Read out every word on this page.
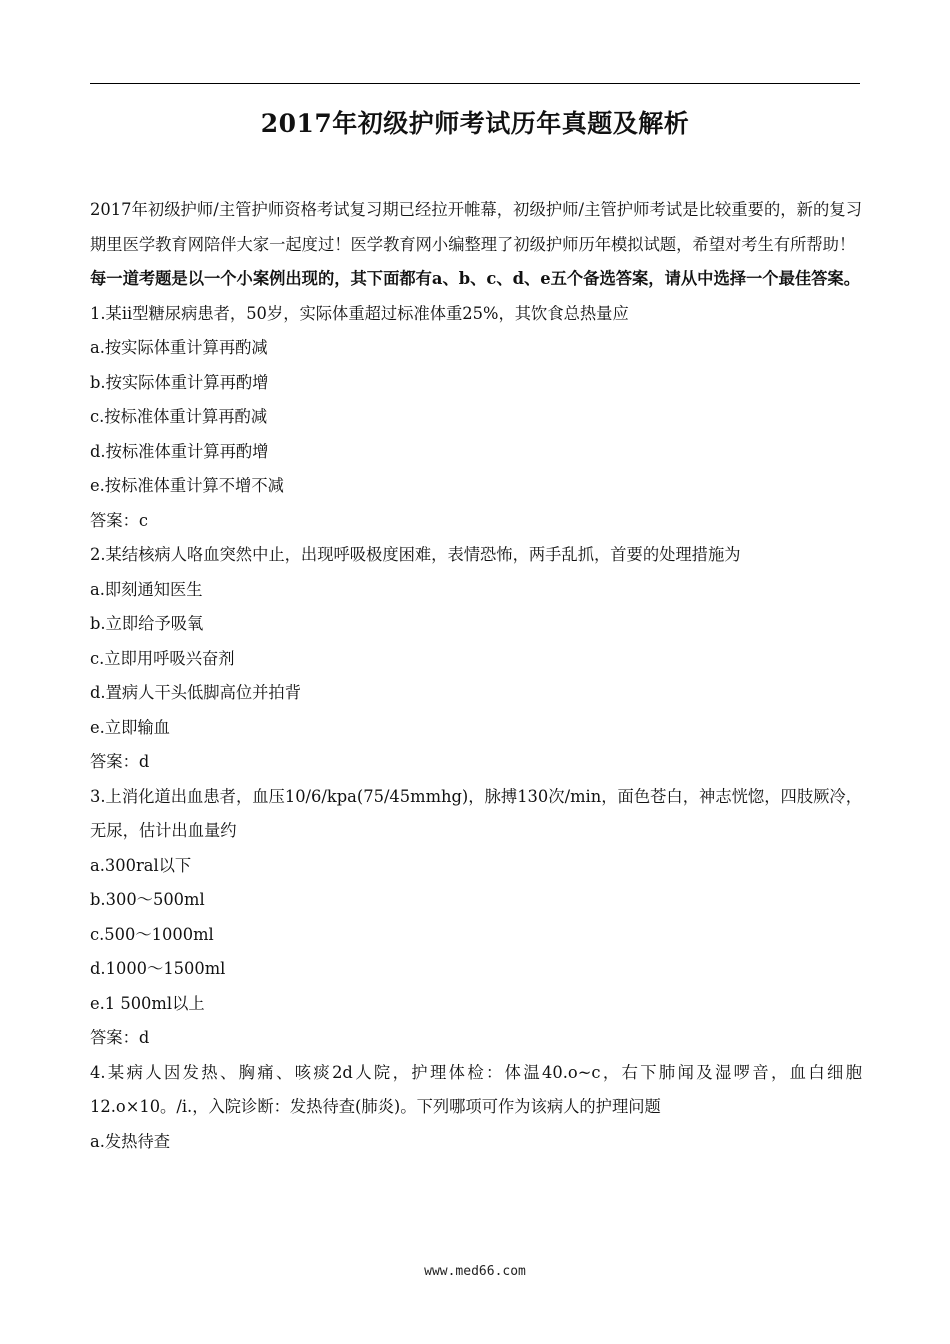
2017年初级护师考试历年真题及解析

2017年初级护师/主管护师资格考试复习期已经拉开帷幕，初级护师/主管护师考试是比较重要的，新的复习期里医学教育网陪伴大家一起度过！医学教育网小编整理了初级护师历年模拟试题，希望对考生有所帮助！

每一道考题是以一个小案例出现的，其下面都有a、b、c、d、e五个备选答案，请从中选择一个最佳答案。

1.某ii型糖尿病患者，50岁，实际体重超过标准体重25%，其饮食总热量应

a.按实际体重计算再酌减

b.按实际体重计算再酌增

c.按标准体重计算再酌减

d.按标准体重计算再酌增

e.按标准体重计算不增不减

答案：c

2.某结核病人咯血突然中止，出现呼吸极度困难，表情恐怖，两手乱抓，首要的处理措施为

a.即刻通知医生

b.立即给予吸氧

c.立即用呼吸兴奋剂

d.置病人干头低脚高位并拍背

e.立即输血

答案：d

3.上消化道出血患者，血压10/6/kpa(75/45mmhg)，脉搏130次/min，面色苍白，神志恍惚，四肢厥冷，无尿，估计出血量约

a.300ral以下

b.300～500ml

c.500～1000ml

d.1000～1500ml

e.1 500ml以上

答案：d

4.某病人因发热、胸痛、咳痰2d人院，护理体检：体温40.o~c，右下肺闻及湿啰音，血白细胞12.o×10。/i.，入院诊断：发热待查(肺炎)。下列哪项可作为该病人的护理问题

a.发热待查

www.med66.com
